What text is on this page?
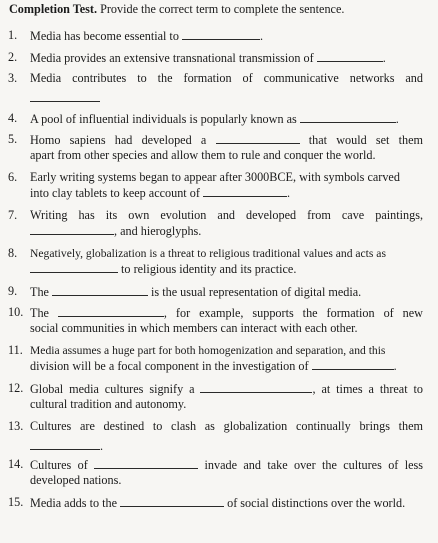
Completion Test. Provide the correct term to complete the sentence.
1.	Media has become essential to	.
2.	Media provides an extensive transnational transmission of	.
3.	Media contributes to the formation of communicative networks and
4.	A pool of influential individuals is popularly known as	.
5.	Homo sapiens had developed a	that would set them
apart from other species and allow them to rule and conquer the world.
6.	Early writing systems began to appear after 3000BCE, with symbols carved
into clay tablets to keep account of	.
7.	Writing has its own evolution and developed from cave paintings,
, and hieroglyphs.
8.	Negatively, globalization is a threat to religious traditional values and acts as
to religious identity and its practice.
9.	The	is the usual representation of digital media.
10. The	, for example, supports the formation of new
social communities in which members can interact with each other.
11. Media assumes a huge part for both homogenization and separation, and this
division will be a focal component in the investigation of	.
12. Global media cultures signify a	, at times a threat to
cultural tradition and autonomy.
13. Cultures are destined to clash as globalization continually brings them
.
14. Cultures of	invade and take over the cultures of less
developed nations.
15. Media adds to the	of social distinctions over the world.
